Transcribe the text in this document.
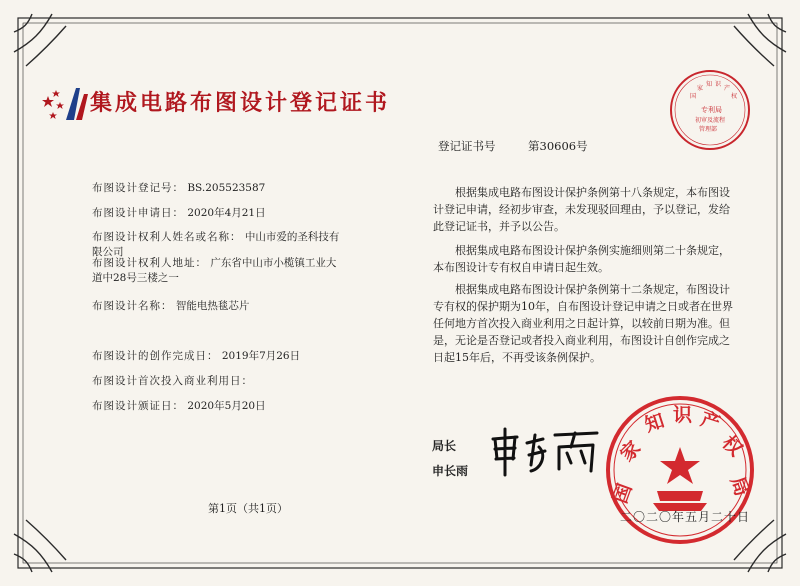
集成电路布图设计登记证书	国
家
知 识
产
权
专利局
初审及流程
管理部
登记证书号	第30606号
布图设计登记号： BS.205523587
布图设计申请日： 2020年4月21日
布图设计权利人姓名或名称： 中山市爱的圣科技有
限公司
布图设计权利人地址： 广东省中山市小榄镇工业大
道中28号三楼之一
布图设计名称： 智能电热毯芯片
布图设计的创作完成日： 2019年7月26日
布图设计首次投入商业利用日：
布图设计颁证日： 2020年5月20日
根据集成电路布图设计保护条例第十八条规定，本布图设
计登记申请，经初步审查，未发现驳回理由，予以登记，发给
此登记证书，并予以公告。
根据集成电路布图设计保护条例实施细则第二十条规定，
本布图设计专有权自申请日起生效。
根据集成电路布图设计保护条例第十二条规定，布图设计
专有权的保护期为10年，自布图设计登记申请之日或者在世界
任何地方首次投入商业利用之日起计算，以较前日期为准。但
是，无论是否登记或者投入商业利用，布图设计自创作完成之
日起15年后，不再受该条例保护。
局长
申长雨
国
家
知 识 产
权
局
第1页（共1页）
二〇二〇年五月二十日
